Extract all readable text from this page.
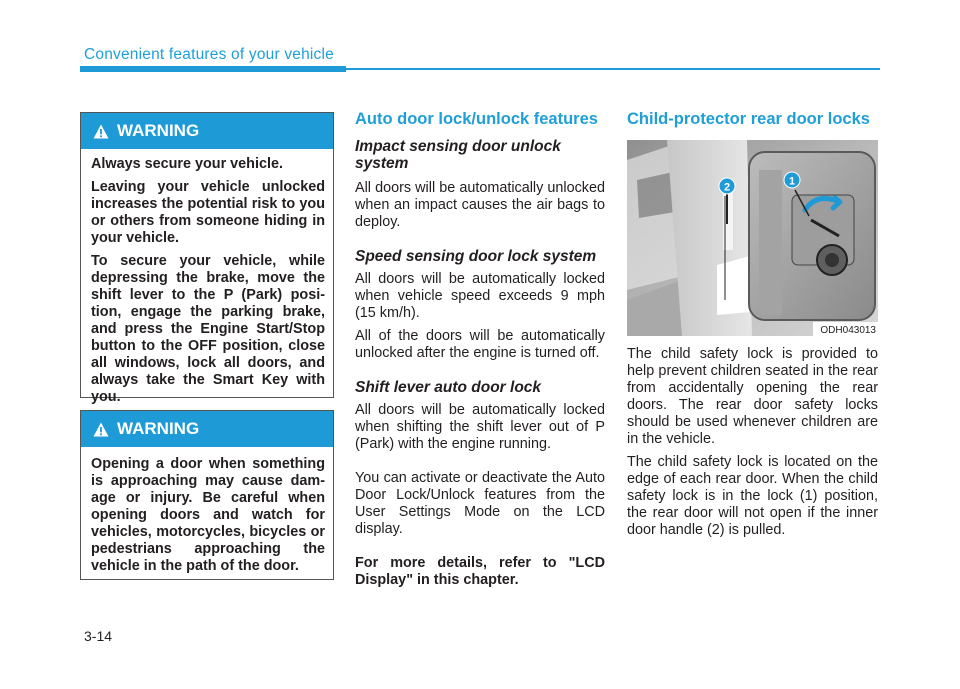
Convenient features of your vehicle
WARNING

Always secure your vehicle.

Leaving your vehicle unlocked increases the potential risk to you or others from someone hiding in your vehicle.

To secure your vehicle, while depressing the brake, move the shift lever to the P (Park) posi-tion, engage the parking brake, and press the Engine Start/Stop button to the OFF position, close all windows, lock all doors, and always take the Smart Key with you.

WARNING

Opening a door when something is approaching may cause dam-age or injury. Be careful when opening doors and watch for vehicles, motorcycles, bicycles or pedestrians approaching the vehicle in the path of the door.

Auto door lock/unlock features
Impact sensing door unlock system

All doors will be automatically unlocked when an impact causes the air bags to deploy.

Speed sensing door lock system

All doors will be automatically locked when vehicle speed exceeds 9 mph (15 km/h).

All of the doors will be automatically unlocked after the engine is turned off.

Shift lever auto door lock

All doors will be automatically locked when shifting the shift lever out of P (Park) with the engine running.

You can activate or deactivate the Auto Door Lock/Unlock features from the User Settings Mode on the LCD display.

For more details, refer to "LCD Display" in this chapter.

Child-protector rear door locks
2	1
ODH043013

The child safety lock is provided to help prevent children seated in the rear from accidentally opening the rear doors. The rear door safety locks should be used whenever children are in the vehicle.

The child safety lock is located on the edge of each rear door. When the child safety lock is in the lock (1) position, the rear door will not open if the inner door handle (2) is pulled.

3-14
